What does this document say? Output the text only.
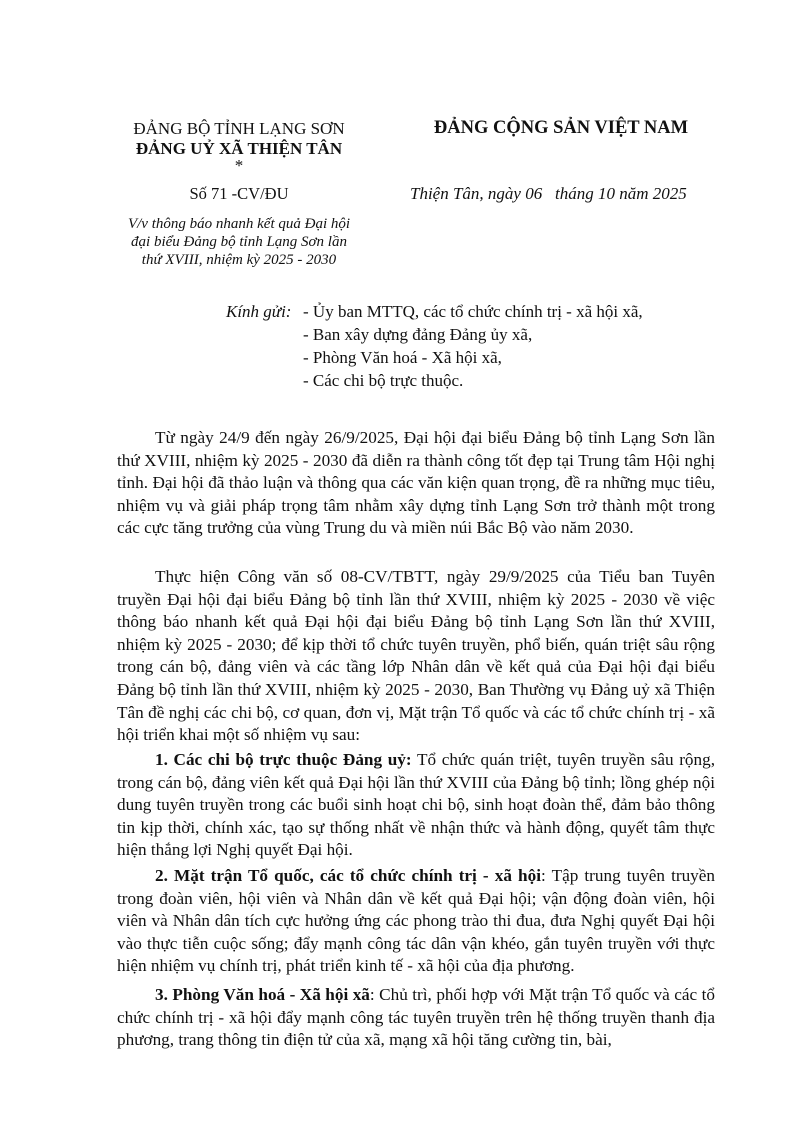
ĐẢNG BỘ TỈNH LẠNG SƠN
ĐẢNG UỶ XÃ THIỆN TÂN
*
Số 71 -CV/ĐU
V/v thông báo nhanh kết quả Đại hội
đại biểu Đảng bộ tỉnh Lạng Sơn lần
thứ XVIII, nhiệm kỳ 2025 - 2030
ĐẢNG CỘNG SẢN VIỆT NAM
Thiện Tân, ngày 06   tháng 10 năm 2025
Kính gửi: - Ủy ban MTTQ, các tổ chức chính trị - xã hội xã,
- Ban xây dựng đảng Đảng ủy xã,
- Phòng Văn hoá - Xã hội xã,
- Các chi bộ trực thuộc.

Từ ngày 24/9 đến ngày 26/9/2025, Đại hội đại biểu Đảng bộ tỉnh Lạng Sơn lần thứ XVIII, nhiệm kỳ 2025 - 2030 đã diễn ra thành công tốt đẹp tại Trung tâm Hội nghị tỉnh. Đại hội đã thảo luận và thông qua các văn kiện quan trọng, đề ra những mục tiêu, nhiệm vụ và giải pháp trọng tâm nhằm xây dựng tỉnh Lạng Sơn trở thành một trong các cực tăng trưởng của vùng Trung du và miền núi Bắc Bộ vào năm 2030.

Thực hiện Công văn số 08-CV/TBTT, ngày 29/9/2025 của Tiểu ban Tuyên truyền Đại hội đại biểu Đảng bộ tỉnh lần thứ XVIII, nhiệm kỳ 2025 - 2030 về việc thông báo nhanh kết quả Đại hội đại biểu Đảng bộ tỉnh Lạng Sơn lần thứ XVIII, nhiệm kỳ 2025 - 2030; để kịp thời tổ chức tuyên truyền, phổ biến, quán triệt sâu rộng trong cán bộ, đảng viên và các tầng lớp Nhân dân về kết quả của Đại hội đại biểu Đảng bộ tỉnh lần thứ XVIII, nhiệm kỳ 2025 - 2030, Ban Thường vụ Đảng uỷ xã Thiện Tân đề nghị các chi bộ, cơ quan, đơn vị, Mặt trận Tổ quốc và các tổ chức chính trị - xã hội triển khai một số nhiệm vụ sau:

1. Các chi bộ trực thuộc Đảng uỷ: Tổ chức quán triệt, tuyên truyền sâu rộng, trong cán bộ, đảng viên kết quả Đại hội lần thứ XVIII của Đảng bộ tỉnh; lồng ghép nội dung tuyên truyền trong các buổi sinh hoạt chi bộ, sinh hoạt đoàn thể, đảm bảo thông tin kịp thời, chính xác, tạo sự thống nhất về nhận thức và hành động, quyết tâm thực hiện thắng lợi Nghị quyết Đại hội.

2. Mặt trận Tổ quốc, các tổ chức chính trị - xã hội: Tập trung tuyên truyền trong đoàn viên, hội viên và Nhân dân về kết quả Đại hội; vận động đoàn viên, hội viên và Nhân dân tích cực hưởng ứng các phong trào thi đua, đưa Nghị quyết Đại hội vào thực tiễn cuộc sống; đẩy mạnh công tác dân vận khéo, gắn tuyên truyền với thực hiện nhiệm vụ chính trị, phát triển kinh tế - xã hội của địa phương.

3. Phòng Văn hoá - Xã hội xã: Chủ trì, phối hợp với Mặt trận Tổ quốc và các tổ chức chính trị - xã hội đẩy mạnh công tác tuyên truyền trên hệ thống truyền thanh địa phương, trang thông tin điện tử của xã, mạng xã hội tăng cường tin, bài,
